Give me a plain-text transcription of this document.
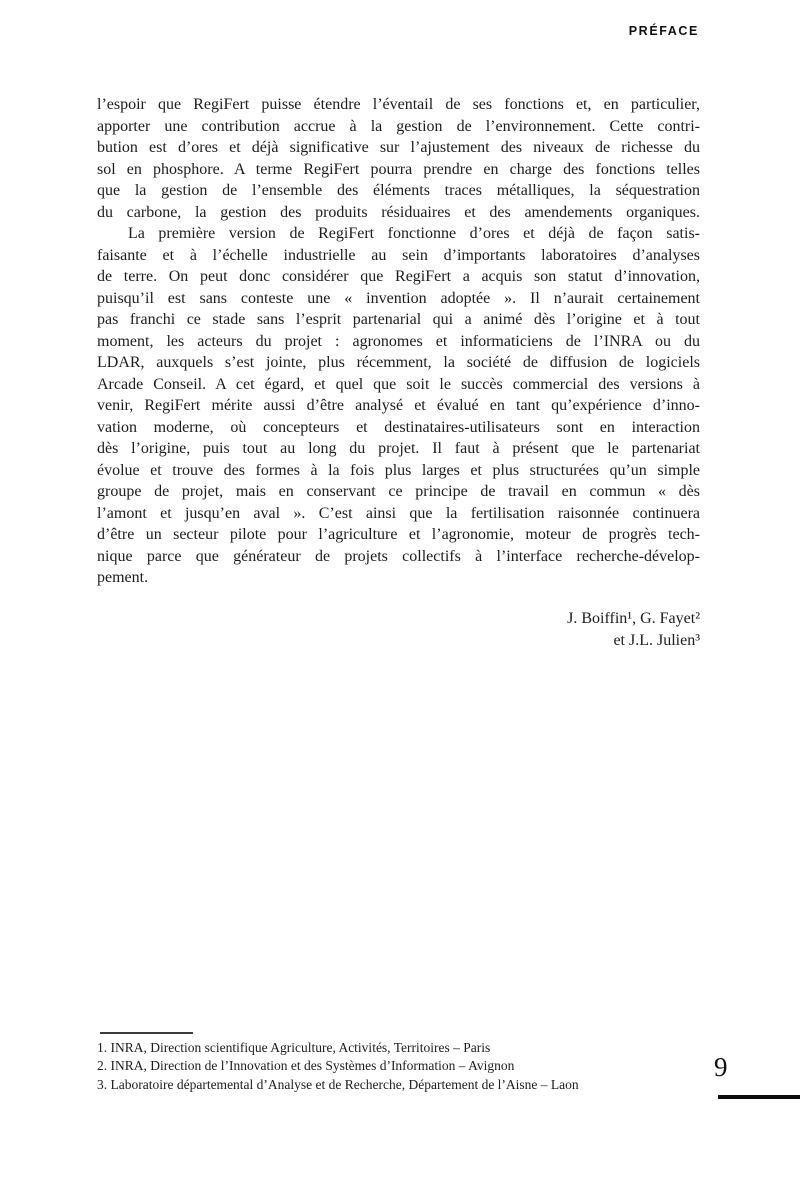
PRÉFACE
l’espoir que RegiFert puisse étendre l’éventail de ses fonctions et, en particulier,
apporter une contribution accrue à la gestion de l’environnement. Cette contri-
bution est d’ores et déjà significative sur l’ajustement des niveaux de richesse du
sol en phosphore. A terme RegiFert pourra prendre en charge des fonctions telles
que la gestion de l’ensemble des éléments traces métalliques, la séquestration
du carbone, la gestion des produits résiduaires et des amendements organiques.
La première version de RegiFert fonctionne d’ores et déjà de façon satis-
faisante et à l’échelle industrielle au sein d’importants laboratoires d’analyses
de terre. On peut donc considérer que RegiFert a acquis son statut d’innovation,
puisqu’il est sans conteste une « invention adoptée ». Il n’aurait certainement
pas franchi ce stade sans l’esprit partenarial qui a animé dès l’origine et à tout
moment, les acteurs du projet : agronomes et informaticiens de l’INRA ou du
LDAR, auxquels s’est jointe, plus récemment, la société de diffusion de logiciels
Arcade Conseil. A cet égard, et quel que soit le succès commercial des versions à
venir, RegiFert mérite aussi d’être analysé et évalué en tant qu’expérience d’inno-
vation moderne, où concepteurs et destinataires-utilisateurs sont en interaction
dès l’origine, puis tout au long du projet. Il faut à présent que le partenariat
évolue et trouve des formes à la fois plus larges et plus structurées qu’un simple
groupe de projet, mais en conservant ce principe de travail en commun « dès
l’amont et jusqu’en aval ». C’est ainsi que la fertilisation raisonnée continuera
d’être un secteur pilote pour l’agriculture et l’agronomie, moteur de progrès tech-
nique parce que générateur de projets collectifs à l’interface recherche-dévelop-
pement.
J. Boiffin¹, G. Fayet²
et J.L. Julien³
1. INRA, Direction scientifique Agriculture, Activités, Territoires – Paris
2. INRA, Direction de l’Innovation et des Systèmes d’Information – Avignon
3. Laboratoire départemental d’Analyse et de Recherche, Département de l’Aisne – Laon
9
